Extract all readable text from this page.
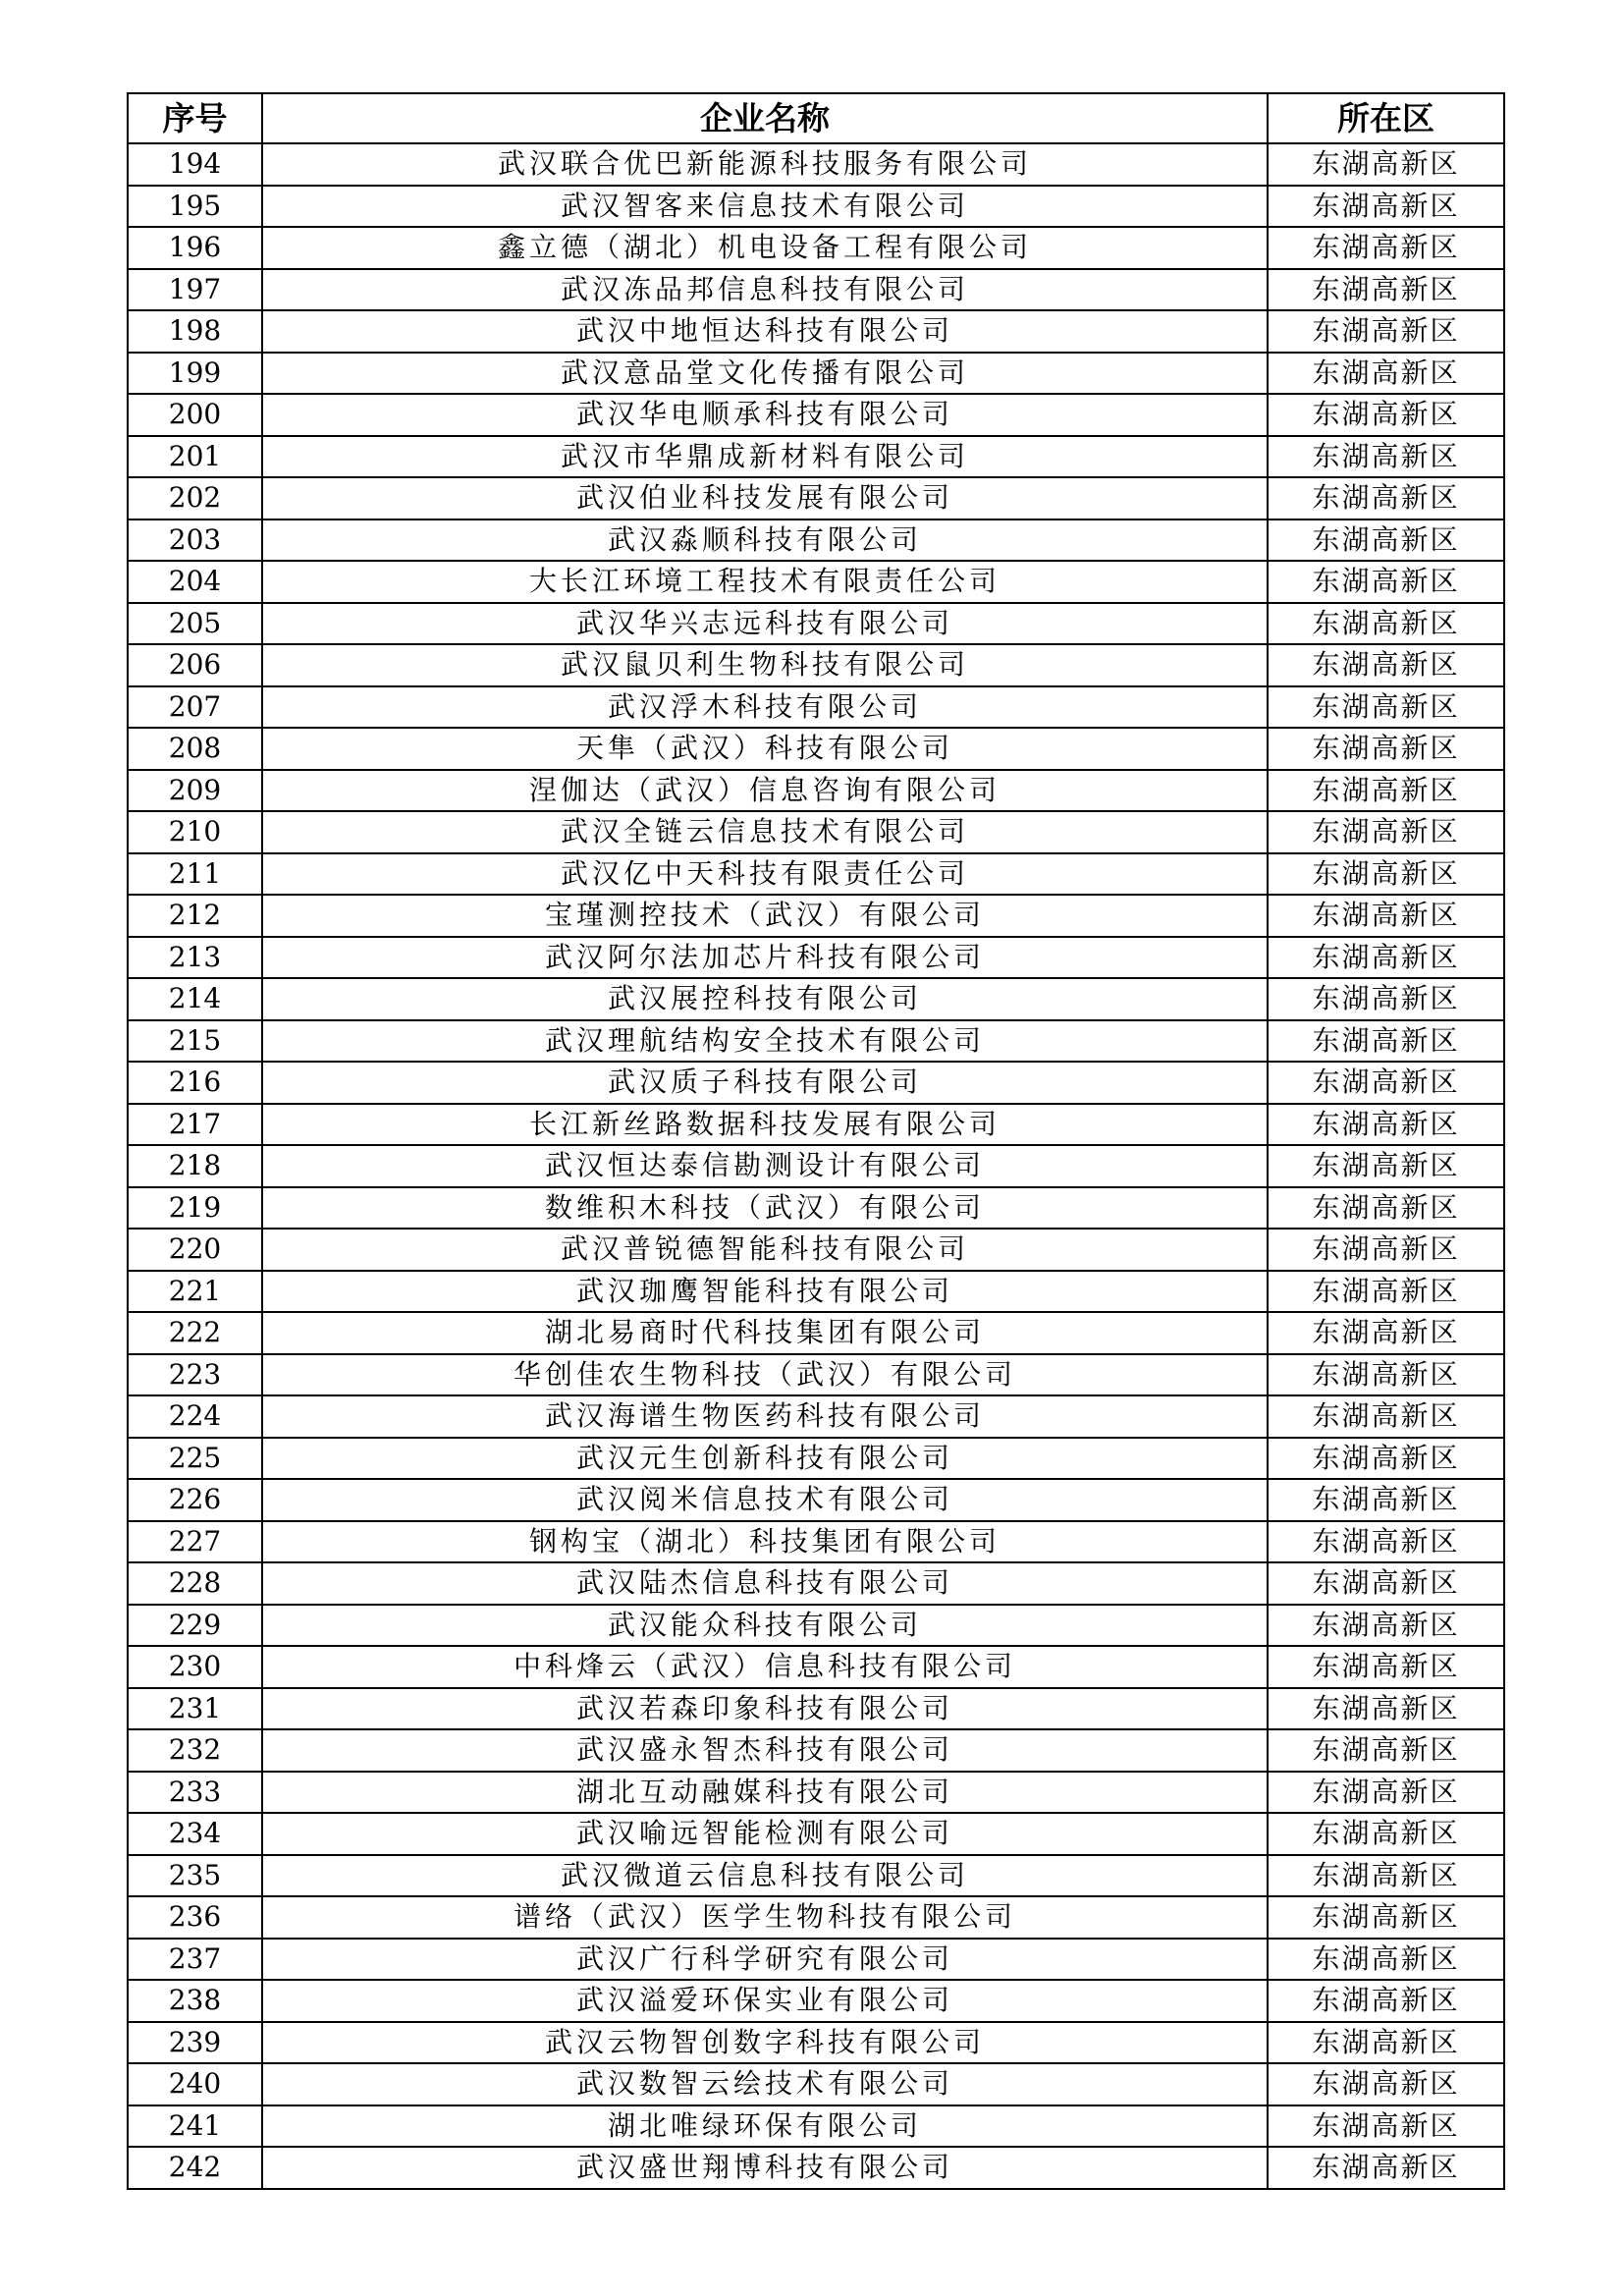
序号	企业名称	所在区
194	武汉联合优巴新能源科技服务有限公司	东湖高新区
195	武汉智客来信息技术有限公司	东湖高新区
196	鑫立德（湖北）机电设备工程有限公司	东湖高新区
197	武汉冻品邦信息科技有限公司	东湖高新区
198	武汉中地恒达科技有限公司	东湖高新区
199	武汉意品堂文化传播有限公司	东湖高新区
200	武汉华电顺承科技有限公司	东湖高新区
201	武汉市华鼎成新材料有限公司	东湖高新区
202	武汉伯业科技发展有限公司	东湖高新区
203	武汉淼顺科技有限公司	东湖高新区
204	大长江环境工程技术有限责任公司	东湖高新区
205	武汉华兴志远科技有限公司	东湖高新区
206	武汉鼠贝利生物科技有限公司	东湖高新区
207	武汉浮木科技有限公司	东湖高新区
208	天隼（武汉）科技有限公司	东湖高新区
209	涅伽达（武汉）信息咨询有限公司	东湖高新区
210	武汉全链云信息技术有限公司	东湖高新区
211	武汉亿中天科技有限责任公司	东湖高新区
212	宝瑾测控技术（武汉）有限公司	东湖高新区
213	武汉阿尔法加芯片科技有限公司	东湖高新区
214	武汉展控科技有限公司	东湖高新区
215	武汉理航结构安全技术有限公司	东湖高新区
216	武汉质子科技有限公司	东湖高新区
217	长江新丝路数据科技发展有限公司	东湖高新区
218	武汉恒达泰信勘测设计有限公司	东湖高新区
219	数维积木科技（武汉）有限公司	东湖高新区
220	武汉普锐德智能科技有限公司	东湖高新区
221	武汉珈鹰智能科技有限公司	东湖高新区
222	湖北易商时代科技集团有限公司	东湖高新区
223	华创佳农生物科技（武汉）有限公司	东湖高新区
224	武汉海谱生物医药科技有限公司	东湖高新区
225	武汉元生创新科技有限公司	东湖高新区
226	武汉阅米信息技术有限公司	东湖高新区
227	钢构宝（湖北）科技集团有限公司	东湖高新区
228	武汉陆杰信息科技有限公司	东湖高新区
229	武汉能众科技有限公司	东湖高新区
230	中科烽云（武汉）信息科技有限公司	东湖高新区
231	武汉若森印象科技有限公司	东湖高新区
232	武汉盛永智杰科技有限公司	东湖高新区
233	湖北互动融媒科技有限公司	东湖高新区
234	武汉喻远智能检测有限公司	东湖高新区
235	武汉微道云信息科技有限公司	东湖高新区
236	谱络（武汉）医学生物科技有限公司	东湖高新区
237	武汉广行科学研究有限公司	东湖高新区
238	武汉溢爱环保实业有限公司	东湖高新区
239	武汉云物智创数字科技有限公司	东湖高新区
240	武汉数智云绘技术有限公司	东湖高新区
241	湖北唯绿环保有限公司	东湖高新区
242	武汉盛世翔博科技有限公司	东湖高新区
